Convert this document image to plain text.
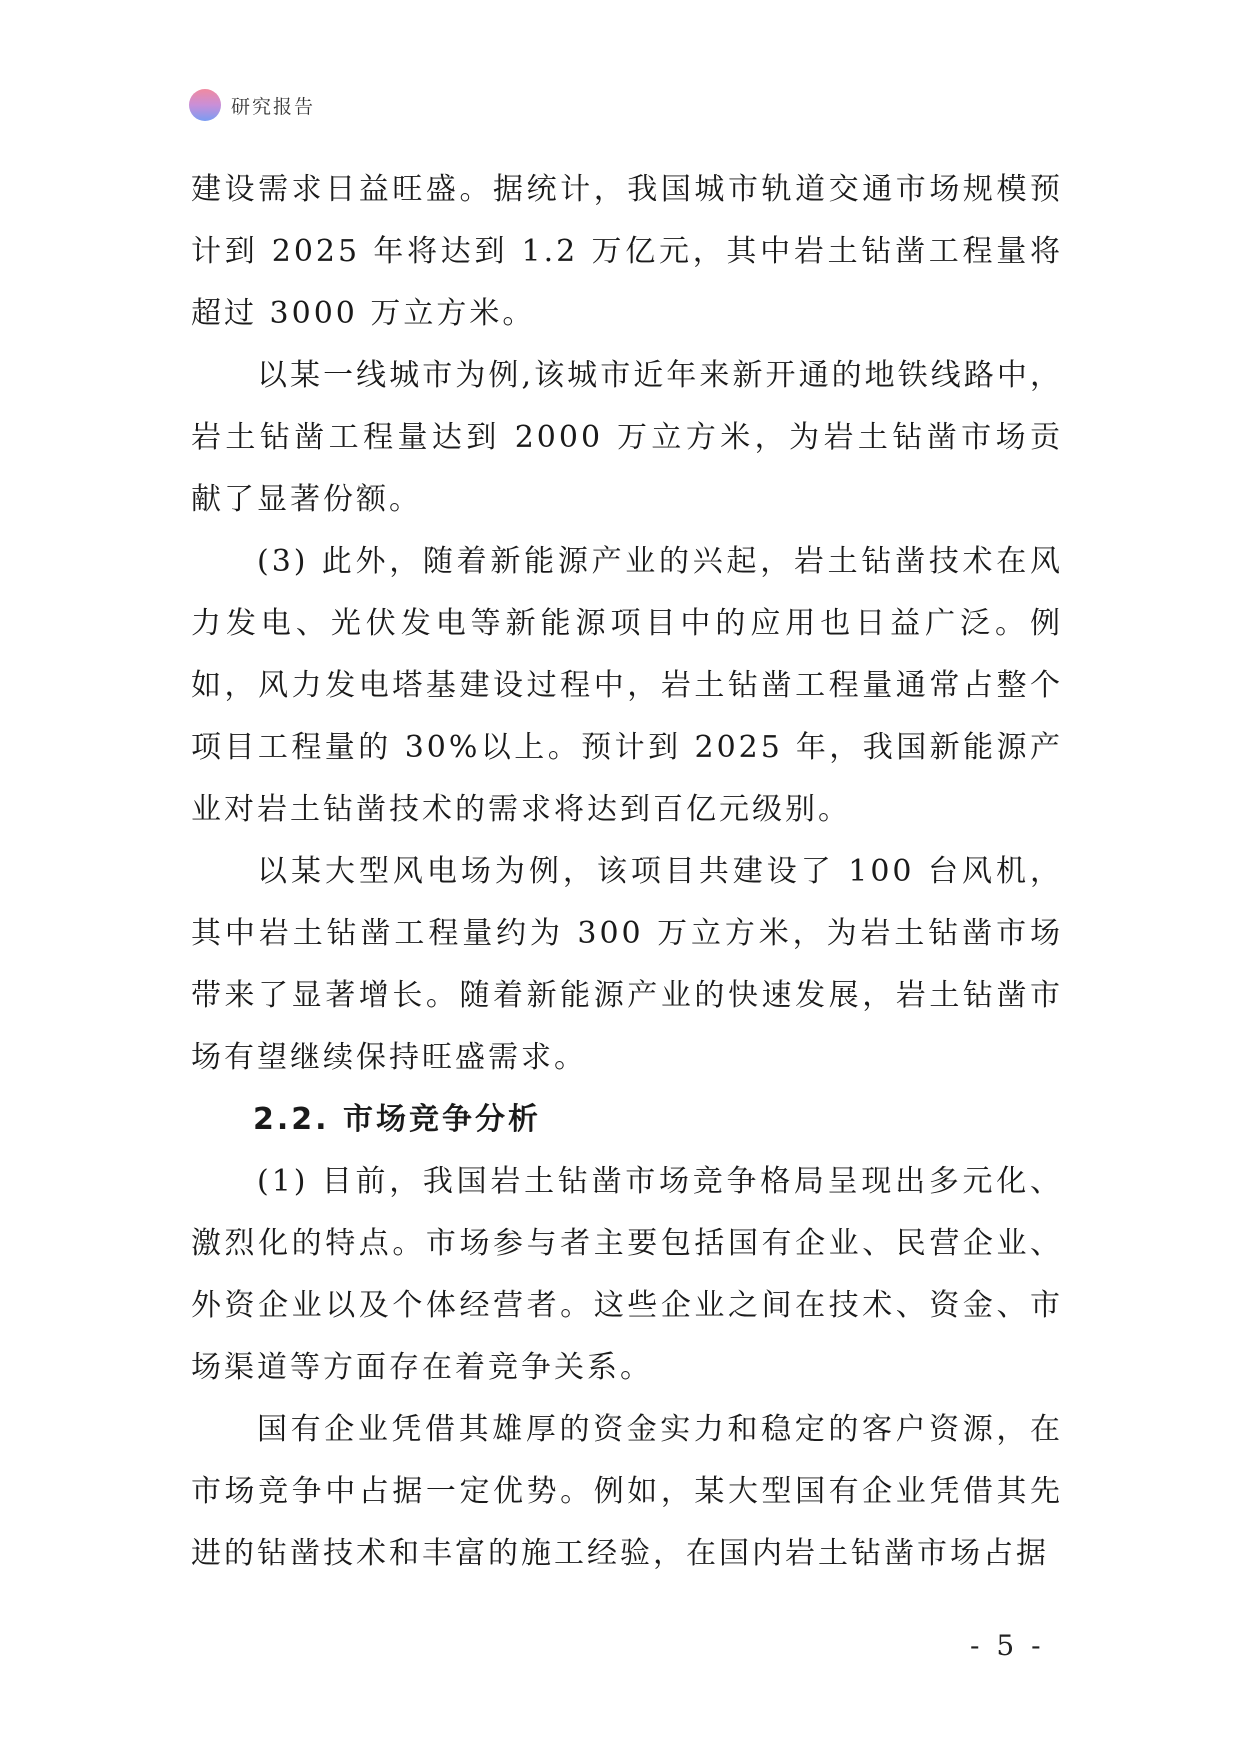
研究报告

建设需求日益旺盛。据统计，我国城市轨道交通市场规模预计到 2025 年将达到 1.2 万亿元，其中岩土钻凿工程量将超过 3000 万立方米。

以某一线城市为例,该城市近年来新开通的地铁线路中，岩土钻凿工程量达到 2000 万立方米，为岩土钻凿市场贡献了显著份额。

(3) 此外，随着新能源产业的兴起，岩土钻凿技术在风力发电、光伏发电等新能源项目中的应用也日益广泛。例如，风力发电塔基建设过程中，岩土钻凿工程量通常占整个项目工程量的 30%以上。预计到 2025 年，我国新能源产业对岩土钻凿技术的需求将达到百亿元级别。

以某大型风电场为例，该项目共建设了 100 台风机，其中岩土钻凿工程量约为 300 万立方米，为岩土钻凿市场带来了显著增长。随着新能源产业的快速发展，岩土钻凿市场有望继续保持旺盛需求。

2.2. 市场竞争分析

(1) 目前，我国岩土钻凿市场竞争格局呈现出多元化、激烈化的特点。市场参与者主要包括国有企业、民营企业、外资企业以及个体经营者。这些企业之间在技术、资金、市场渠道等方面存在着竞争关系。

国有企业凭借其雄厚的资金实力和稳定的客户资源，在市场竞争中占据一定优势。例如，某大型国有企业凭借其先进的钻凿技术和丰富的施工经验，在国内岩土钻凿市场占据

- 5 -
